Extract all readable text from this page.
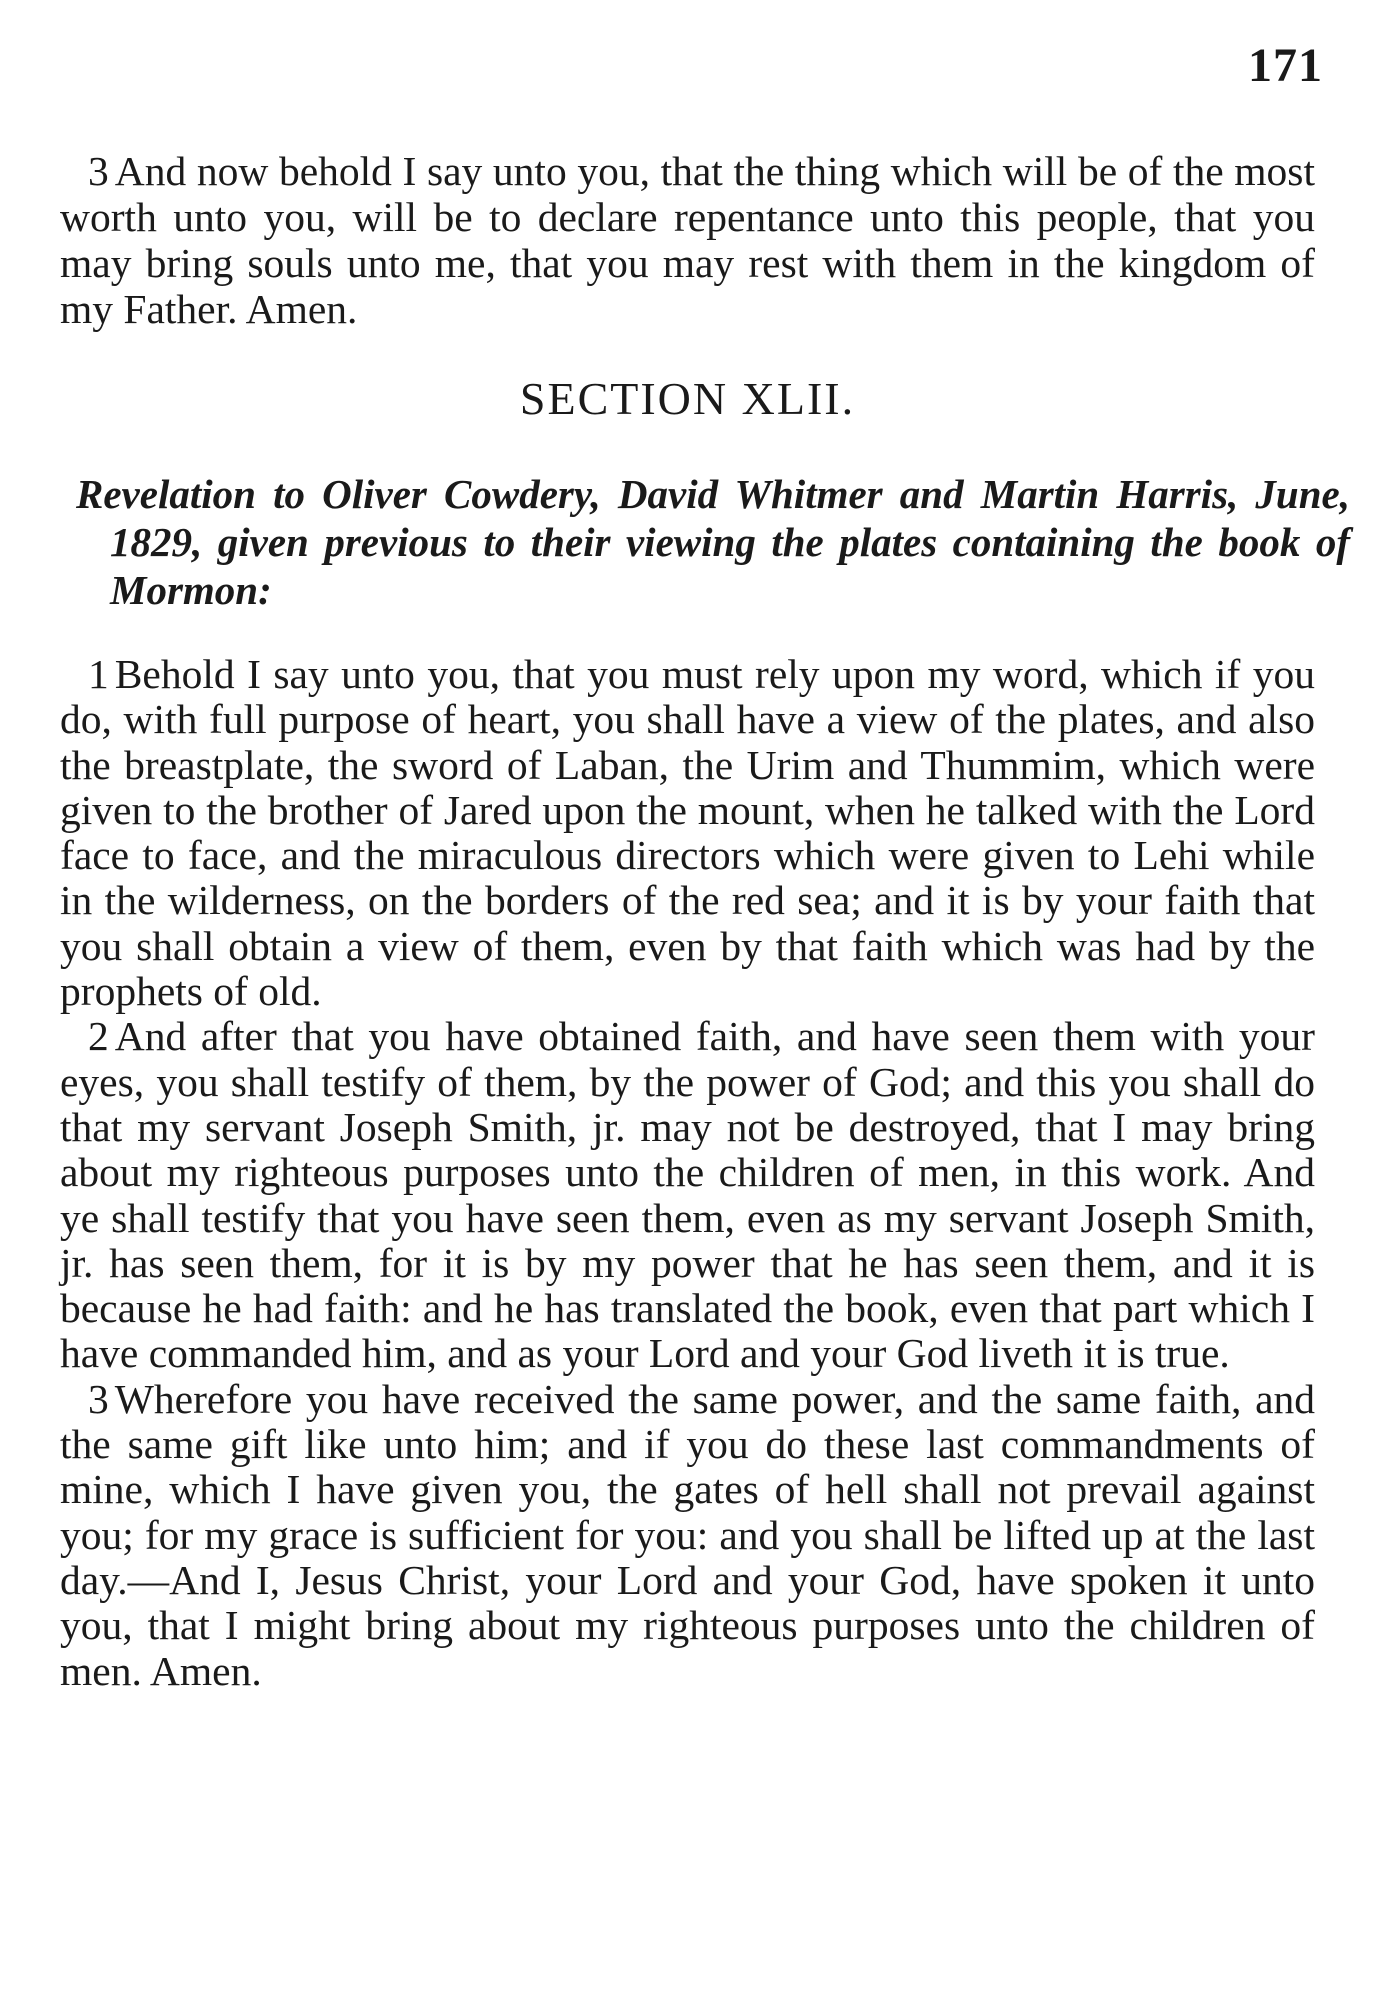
171

3 And now behold I say unto you, that the thing which will be of the most worth unto you, will be to declare repentance unto this people, that you may bring souls unto me, that you may rest with them in the kingdom of my Father. Amen.

SECTION XLII.
Revelation to Oliver Cowdery, David Whitmer and Martin Harris, June, 1829, given previous to their viewing the plates containing the book of Mormon:

1 Behold I say unto you, that you must rely upon my word, which if you do, with full purpose of heart, you shall have a view of the plates, and also the breastplate, the sword of Laban, the Urim and Thummim, which were given to the brother of Jared upon the mount, when he talked with the Lord face to face, and the miraculous directors which were given to Lehi while in the wilderness, on the borders of the red sea; and it is by your faith that you shall obtain a view of them, even by that faith which was had by the prophets of old.

2 And after that you have obtained faith, and have seen them with your eyes, you shall testify of them, by the power of God; and this you shall do that my servant Joseph Smith, jr. may not be destroyed, that I may bring about my righteous purposes unto the children of men, in this work. And ye shall testify that you have seen them, even as my servant Joseph Smith, jr. has seen them, for it is by my power that he has seen them, and it is because he had faith: and he has translated the book, even that part which I have commanded him, and as your Lord and your God liveth it is true.

3 Wherefore you have received the same power, and the same faith, and the same gift like unto him; and if you do these last commandments of mine, which I have given you, the gates of hell shall not prevail against you; for my grace is sufficient for you: and you shall be lifted up at the last day.—And I, Jesus Christ, your Lord and your God, have spoken it unto you, that I might bring about my righteous purposes unto the children of men. Amen.
